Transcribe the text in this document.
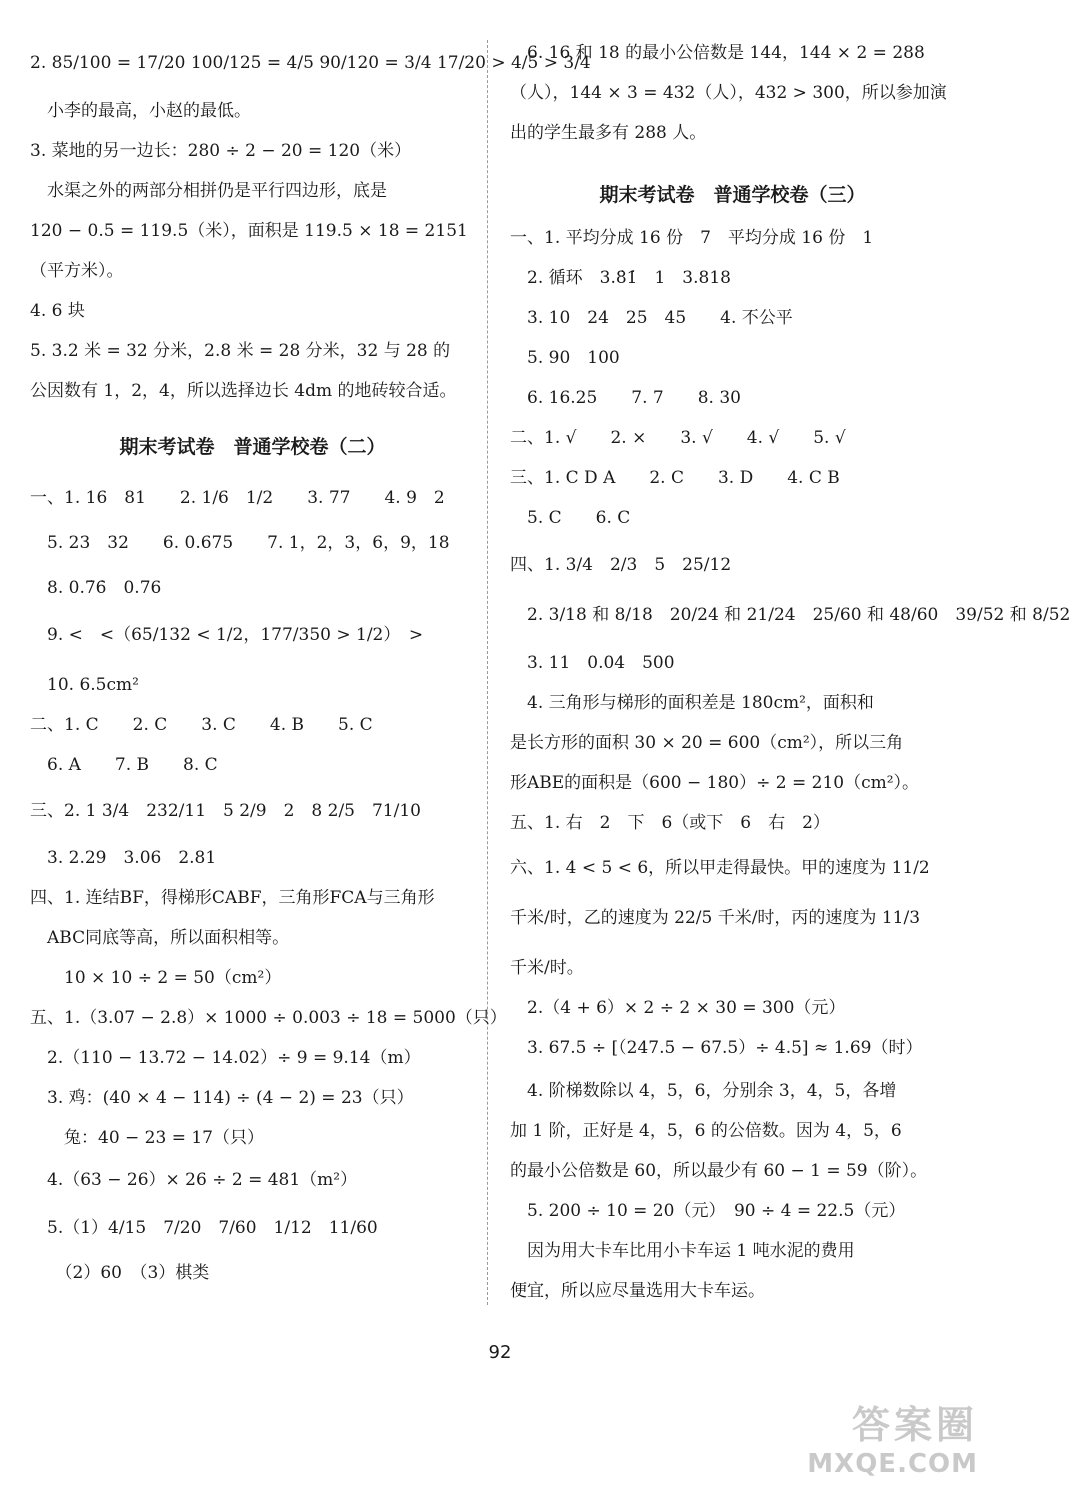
期末考试卷　普通学校卷（二）
2. 85/100 = 17/20 100/125 = 4/5 90/120 = 3/4 17/20 > 4/5 > 3/4
　小李的最高，小赵的最低。
3. 菜地的另一边长：280 ÷ 2 − 20 = 120（米）
　水渠之外的两部分相拼仍是平行四边形，底是
120 − 0.5 = 119.5（米），面积是 119.5 × 18 = 2151
（平方米）。
4. 6 块
5. 3.2 米 = 32 分米，2.8 米 = 28 分米，32 与 28 的
公因数有 1，2，4，所以选择边长 4dm 的地砖较合适。
一、1. 16　81　　2. 1/6　1/2　　3. 77　　4. 9　2
　5. 23　32　　6. 0.675　　7. 1，2，3，6，9，18
　8. 0.7̇6̇　0.76
　9. <　<（65/132 < 1/2，177/350 > 1/2）　>
　10. 6.5cm²
二、1. C　　2. C　　3. C　　4. B　　5. C
　6. A　　7. B　　8. C
三、2. 1 3/4　232/11　5 2/9　2　8 2/5　71/10
　3. 2.29　3.06　2.81
四、1. 连结BF，得梯形CABF，三角形FCA与三角形
　ABC同底等高，所以面积相等。
　　10 × 10 ÷ 2 = 50（cm²）
五、1.（3.07 − 2.8）× 1000 ÷ 0.003 ÷ 18 = 5000（只）
　2.（110 − 13.72 − 14.02）÷ 9 = 9.14（m）
　3. 鸡：(40 × 4 − 114) ÷ (4 − 2) = 23（只）
　　兔：40 − 23 = 17（只）
　4.（63 − 26）× 26 ÷ 2 = 481（m²）
　5.（1）4/15　7/20　7/60　1/12　11/60
　　（2）60　（3）棋类
期末考试卷　普通学校卷（三）
　6. 16 和 18 的最小公倍数是 144，144 × 2 = 288
（人），144 × 3 = 432（人），432 > 300，所以参加演
出的学生最多有 288 人。
一、1. 平均分成 16 份　7　平均分成 16 份　1
　2. 循环　3.8̇1̇　1　3.818
　3. 10　24　25　45　　4. 不公平
　5. 90　100
　6. 16.25　　7. 7　　8. 30
二、1. √　　2. ×　　3. √　　4. √　　5. √
三、1. C D A　　2. C　　3. D　　4. C B
　5. C　　6. C
四、1. 3/4　2/3　5　25/12
　2. 3/18 和 8/18　20/24 和 21/24　25/60 和 48/60　39/52 和 8/52
　3. 11　0.04　500
　4. 三角形与梯形的面积差是 180cm²，面积和
是长方形的面积 30 × 20 = 600（cm²），所以三角
形ABE的面积是（600 − 180）÷ 2 = 210（cm²）。
五、1. 右　2　下　6（或下　6　右　2）
六、1. 4 < 5 < 6，所以甲走得最快。甲的速度为 11/2
千米/时，乙的速度为 22/5 千米/时，丙的速度为 11/3
千米/时。
　2.（4 + 6）× 2 ÷ 2 × 30 = 300（元）
　3. 67.5 ÷ [（247.5 − 67.5）÷ 4.5] ≈ 1.69（时）
　4. 阶梯数除以 4，5，6，分别余 3，4，5，各增
加 1 阶，正好是 4，5，6 的公倍数。因为 4，5，6
的最小公倍数是 60，所以最少有 60 − 1 = 59（阶）。
　5. 200 ÷ 10 = 20（元）　90 ÷ 4 = 22.5（元）
　因为用大卡车比用小卡车运 1 吨水泥的费用
便宜，所以应尽量选用大卡车运。
92
答案圈
MXQE.COM
